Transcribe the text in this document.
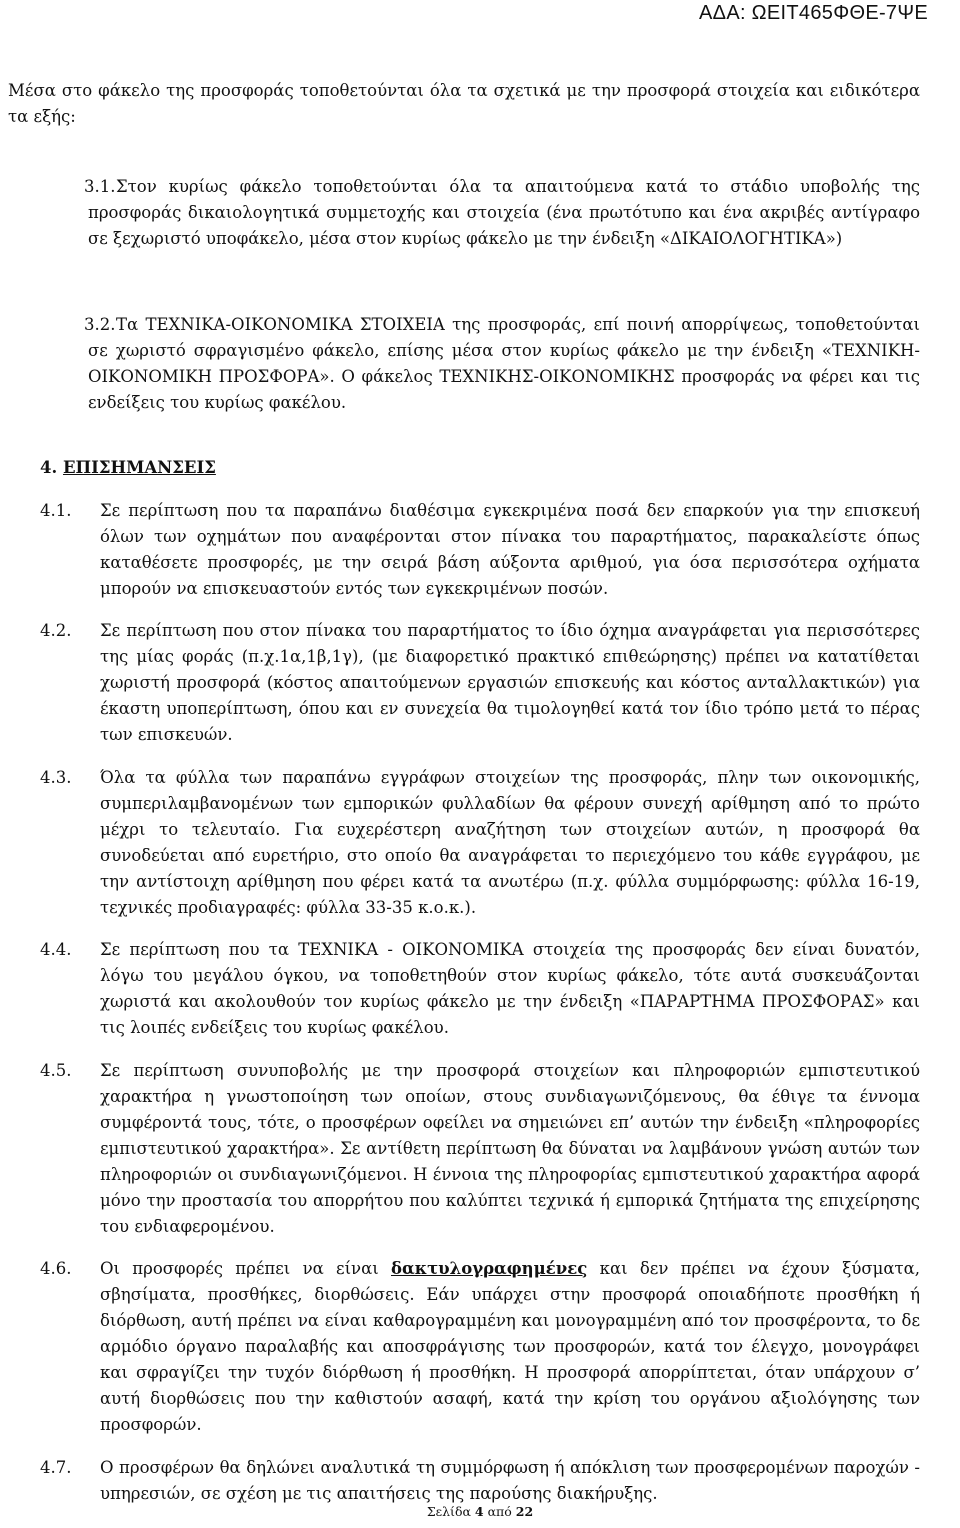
ΑΔΑ: ΩΕΙΤ465ΦΘΕ-7ΨΕ

Μέσα στο φάκελο της προσφοράς τοποθετούνται όλα τα σχετικά με την προσφορά στοιχεία και ειδικότερα τα εξής:

3.1. Στον κυρίως φάκελο τοποθετούνται όλα τα απαιτούμενα κατά το στάδιο υποβολής της προσφοράς δικαιολογητικά συμμετοχής και στοιχεία (ένα πρωτότυπο και ένα ακριβές αντίγραφο σε ξεχωριστό υποφάκελο, μέσα στον κυρίως φάκελο με την ένδειξη «ΔΙΚΑΙΟΛΟΓΗΤΙΚΑ»)

3.2. Τα ΤΕΧΝΙΚΑ-ΟΙΚΟΝΟΜΙΚΑ ΣΤΟΙΧΕΙΑ της προσφοράς, επί ποινή απορρίψεως, τοποθετούνται σε χωριστό σφραγισμένο φάκελο, επίσης μέσα στον κυρίως φάκελο με την ένδειξη «ΤΕΧΝΙΚΗ-ΟΙΚΟΝΟΜΙΚΗ ΠΡΟΣΦΟΡΑ». Ο φάκελος ΤΕΧΝΙΚΗΣ-ΟΙΚΟΝΟΜΙΚΗΣ προσφοράς να φέρει και τις ενδείξεις του κυρίως φακέλου.

4. ΕΠΙΣΗΜΑΝΣΕΙΣ
4.1. Σε περίπτωση που τα παραπάνω διαθέσιμα εγκεκριμένα ποσά δεν επαρκούν για την επισκευή όλων των οχημάτων που αναφέρονται στον πίνακα του παραρτήματος, παρακαλείστε όπως καταθέσετε προσφορές, με την σειρά βάση αύξοντα αριθμού, για όσα περισσότερα οχήματα μπορούν να επισκευαστούν εντός των εγκεκριμένων ποσών.

4.2. Σε περίπτωση που στον πίνακα του παραρτήματος το ίδιο όχημα αναγράφεται για περισσότερες της μίας φοράς (π.χ.1α,1β,1γ), (με διαφορετικό πρακτικό επιθεώρησης) πρέπει να κατατίθεται χωριστή προσφορά (κόστος απαιτούμενων εργασιών επισκευής και κόστος ανταλλακτικών) για έκαστη υποπερίπτωση, όπου και εν συνεχεία θα τιμολογηθεί κατά τον ίδιο τρόπο μετά το πέρας των επισκευών.

4.3. Όλα τα φύλλα των παραπάνω εγγράφων στοιχείων της προσφοράς, πλην των οικονομικής, συμπεριλαμβανομένων των εμπορικών φυλλαδίων θα φέρουν συνεχή αρίθμηση από το πρώτο μέχρι το τελευταίο. Για ευχερέστερη αναζήτηση των στοιχείων αυτών, η προσφορά θα συνοδεύεται από ευρετήριο, στο οποίο θα αναγράφεται το περιεχόμενο του κάθε εγγράφου, με την αντίστοιχη αρίθμηση που φέρει κατά τα ανωτέρω (π.χ. φύλλα συμμόρφωσης: φύλλα 16-19, τεχνικές προδιαγραφές: φύλλα 33-35 κ.ο.κ.).

4.4. Σε περίπτωση που τα ΤΕΧΝΙΚΑ - ΟΙΚΟΝΟΜΙΚΑ στοιχεία της προσφοράς δεν είναι δυνατόν, λόγω του μεγάλου όγκου, να τοποθετηθούν στον κυρίως φάκελο, τότε αυτά συσκευάζονται χωριστά και ακολουθούν τον κυρίως φάκελο με την ένδειξη «ΠΑΡΑΡΤΗΜΑ ΠΡΟΣΦΟΡΑΣ» και τις λοιπές ενδείξεις του κυρίως φακέλου.

4.5. Σε περίπτωση συνυποβολής με την προσφορά στοιχείων και πληροφοριών εμπιστευτικού χαρακτήρα η γνωστοποίηση των οποίων, στους συνδιαγωνιζόμενους, θα έθιγε τα έννομα συμφέροντά τους, τότε, ο προσφέρων οφείλει να σημειώνει επ’ αυτών την ένδειξη «πληροφορίες εμπιστευτικού χαρακτήρα». Σε αντίθετη περίπτωση θα δύναται να λαμβάνουν γνώση αυτών των πληροφοριών οι συνδιαγωνιζόμενοι. Η έννοια της πληροφορίας εμπιστευτικού χαρακτήρα αφορά μόνο την προστασία του απορρήτου που καλύπτει τεχνικά ή εμπορικά ζητήματα της επιχείρησης του ενδιαφερομένου.

4.6. Οι προσφορές πρέπει να είναι δακτυλογραφημένες και δεν πρέπει να έχουν ξύσματα, σβησίματα, προσθήκες, διορθώσεις. Εάν υπάρχει στην προσφορά οποιαδήποτε προσθήκη ή διόρθωση, αυτή πρέπει να είναι καθαρογραμμένη και μονογραμμένη από τον προσφέροντα, το δε αρμόδιο όργανο παραλαβής και αποσφράγισης των προσφορών, κατά τον έλεγχο, μονογράφει και σφραγίζει την τυχόν διόρθωση ή προσθήκη. Η προσφορά απορρίπτεται, όταν υπάρχουν σ’ αυτή διορθώσεις που την καθιστούν ασαφή, κατά την κρίση του οργάνου αξιολόγησης των προσφορών.

4.7. Ο προσφέρων θα δηλώνει αναλυτικά τη συμμόρφωση ή απόκλιση των προσφερομένων παροχών - υπηρεσιών, σε σχέση με τις απαιτήσεις της παρούσης διακήρυξης.

Σελίδα 4 από 22
